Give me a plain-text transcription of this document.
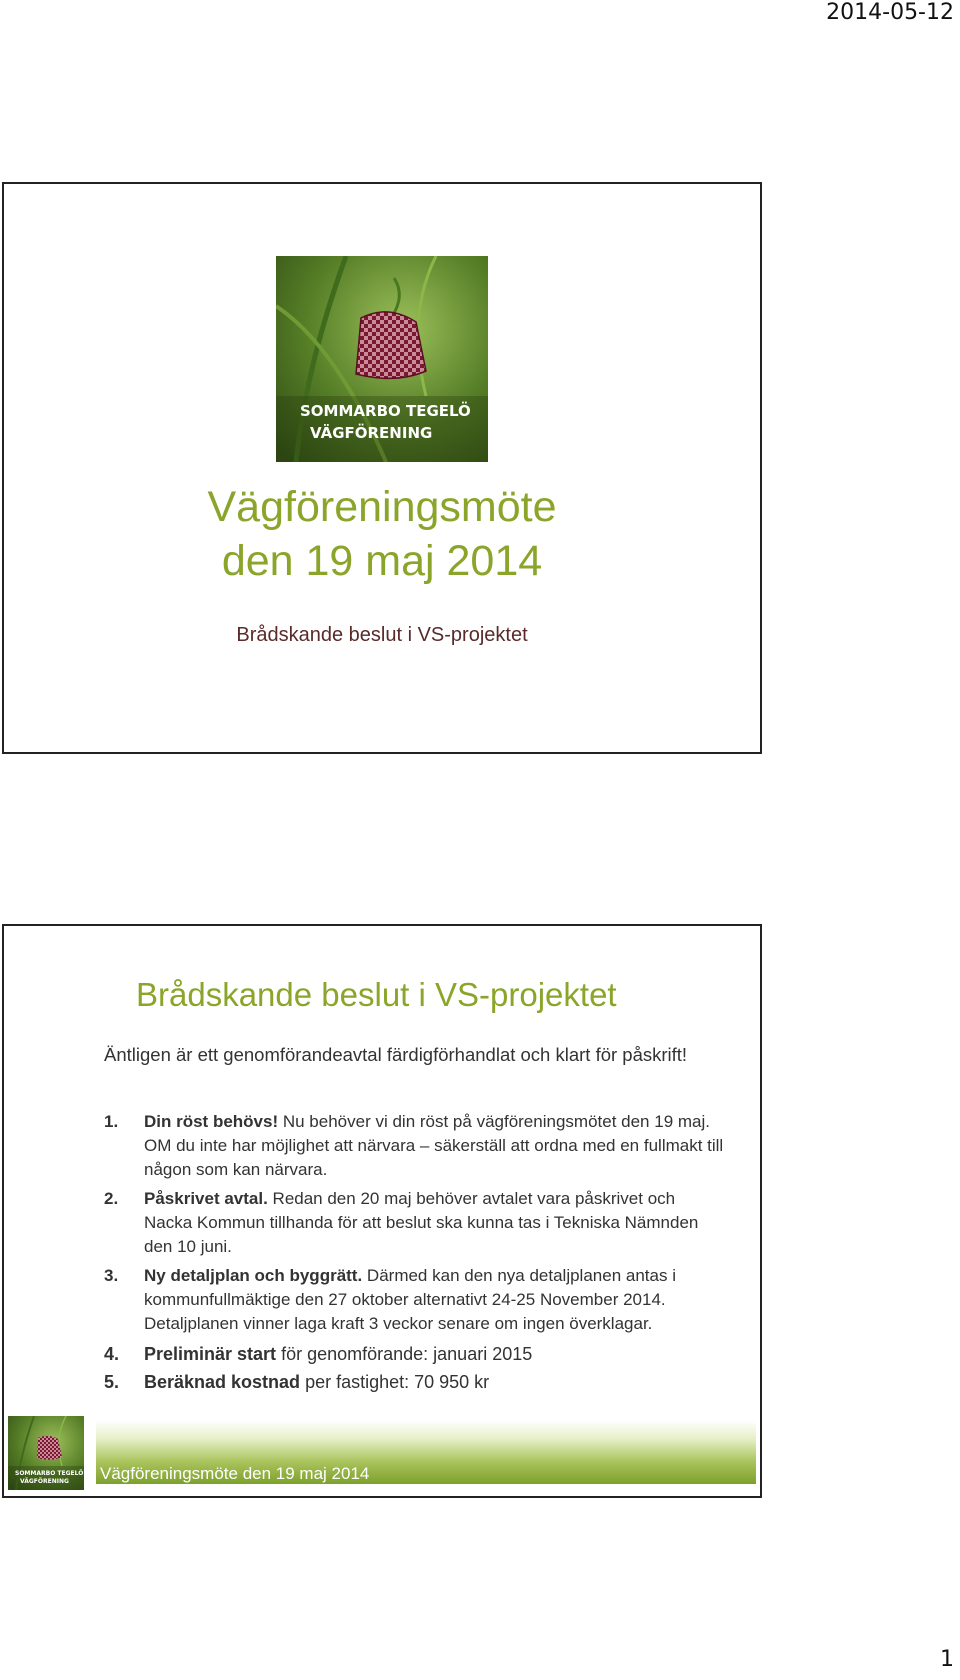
2014-05-12
SOMMARBO TEGELÖ
VÄGFÖRENING
Vägföreningsmöte
den 19 maj 2014
Brådskande beslut i VS-projektet
Brådskande beslut i VS-projektet
Äntligen är ett genomförandeavtal färdigförhandlat och klart för påskrift!
1. Din röst behövs! Nu behöver vi din röst på vägföreningsmötet den 19 maj. OM du inte har möjlighet att närvara – säkerställ att ordna med en fullmakt till någon som kan närvara.
2. Påskrivet avtal. Redan den 20 maj behöver avtalet vara påskrivet och Nacka Kommun tillhanda för att beslut ska kunna tas i Tekniska Nämnden den 10 juni.
3. Ny detaljplan och byggrätt. Därmed kan den nya detaljplanen antas i kommunfullmäktige den 27 oktober alternativt 24-25 November 2014. Detaljplanen vinner laga kraft 3 veckor senare om ingen överklagar.
4. Preliminär start för genomförande: januari 2015
5. Beräknad kostnad per fastighet: 70 950 kr
Vägföreningsmöte den 19 maj 2014
SOMMARBO TEGELÖ
VÄGFÖRENING
1
